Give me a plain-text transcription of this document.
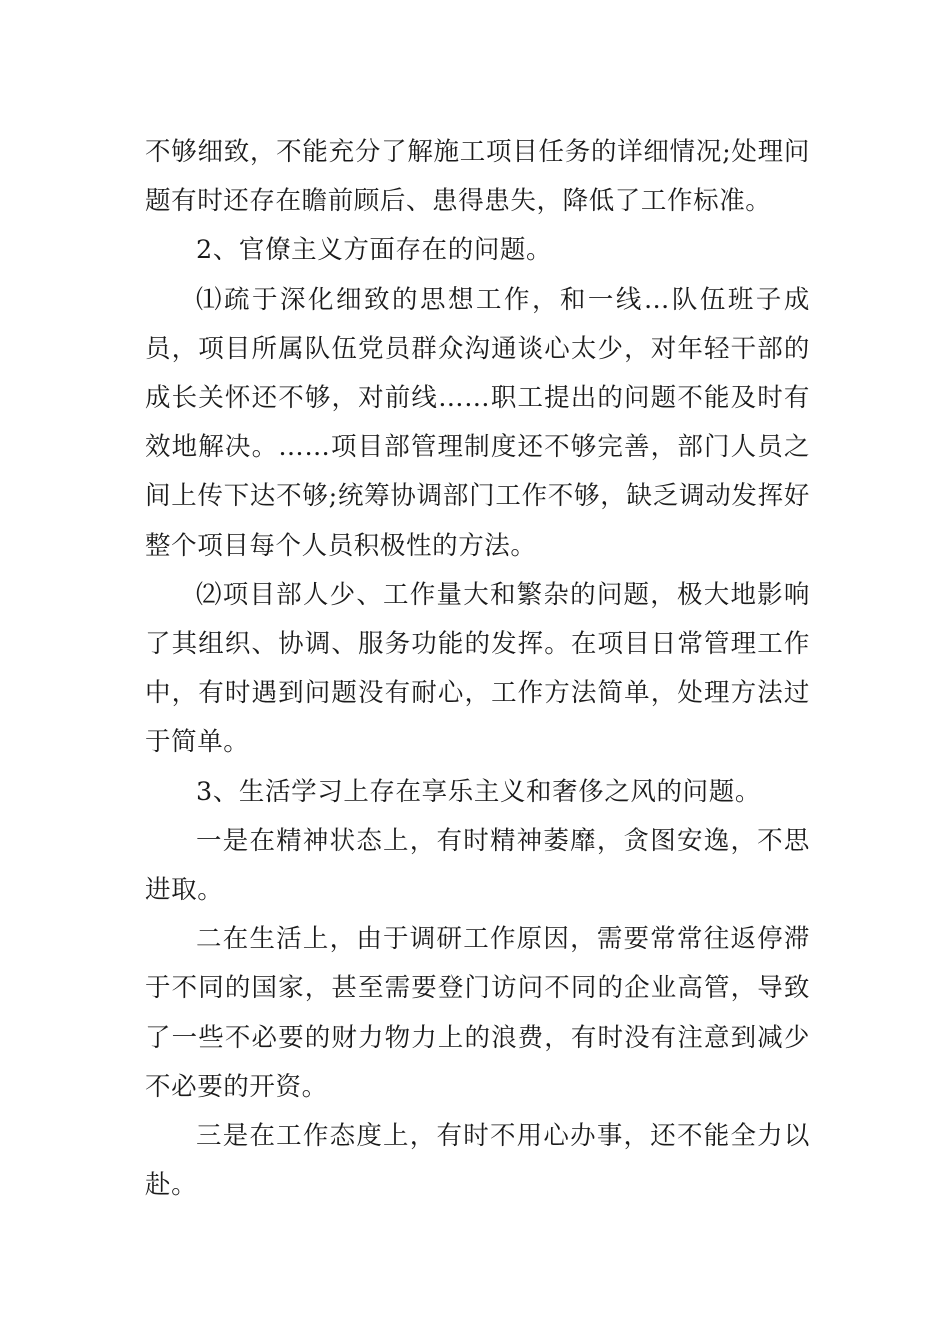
不够细致，不能充分了解施工项目任务的详细情况;处理问题有时还存在瞻前顾后、患得患失，降低了工作标准。

2、官僚主义方面存在的问题。

⑴疏于深化细致的思想工作，和一线…队伍班子成员，项目所属队伍党员群众沟通谈心太少，对年轻干部的成长关怀还不够，对前线……职工提出的问题不能及时有效地解决。……项目部管理制度还不够完善，部门人员之间上传下达不够;统筹协调部门工作不够，缺乏调动发挥好整个项目每个人员积极性的方法。

⑵项目部人少、工作量大和繁杂的问题，极大地影响了其组织、协调、服务功能的发挥。在项目日常管理工作中，有时遇到问题没有耐心，工作方法简单，处理方法过于简单。

3、生活学习上存在享乐主义和奢侈之风的问题。

一是在精神状态上，有时精神萎靡，贪图安逸，不思进取。

二在生活上，由于调研工作原因，需要常常往返停滞于不同的国家，甚至需要登门访问不同的企业高管，导致了一些不必要的财力物力上的浪费，有时没有注意到减少不必要的开资。

三是在工作态度上，有时不用心办事，还不能全力以赴。
